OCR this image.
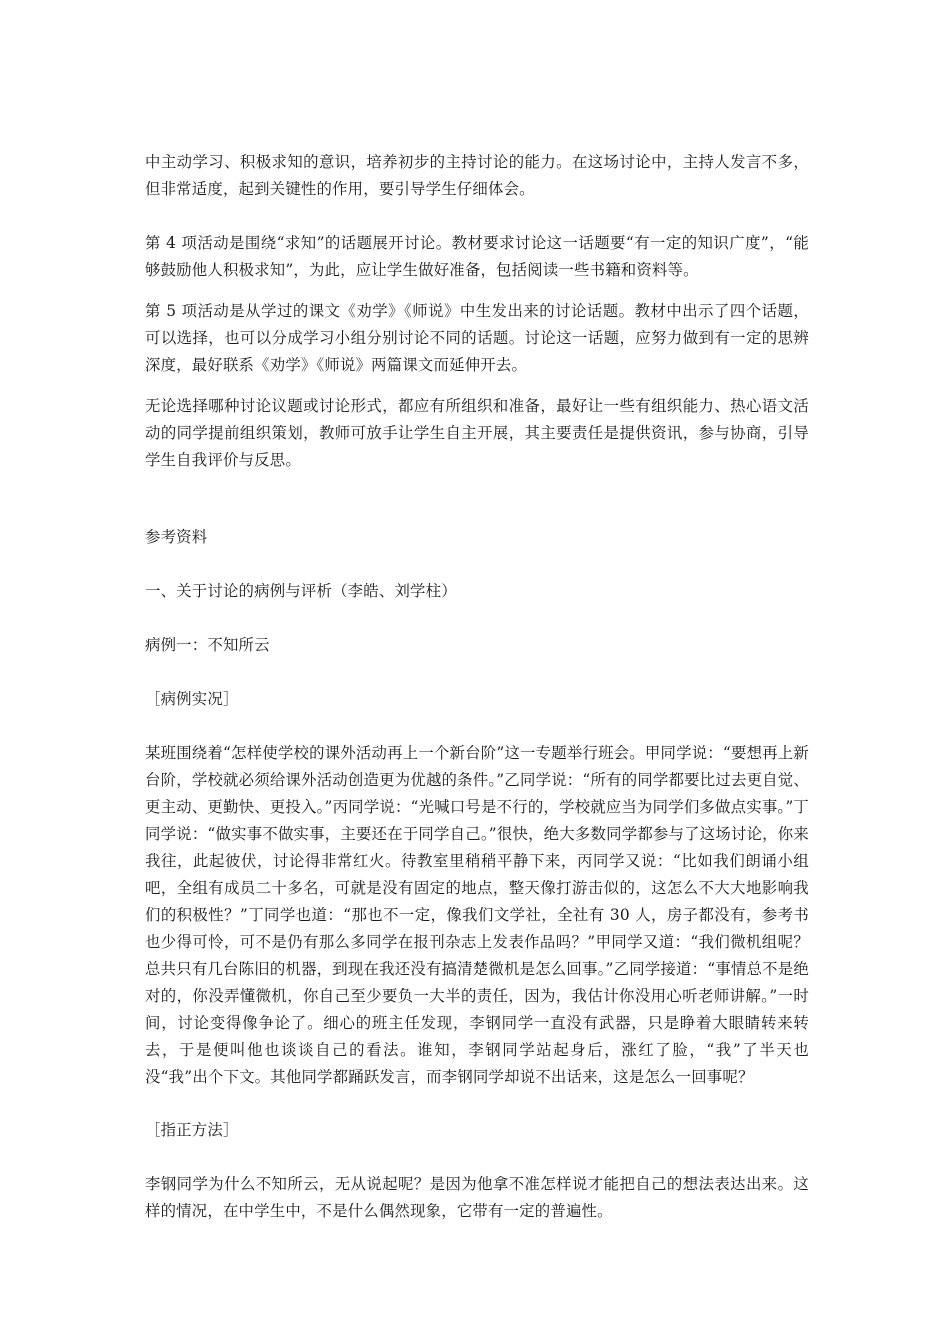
中主动学习、积极求知的意识，培养初步的主持讨论的能力。在这场讨论中，主持人发言不多，但非常适度，起到关键性的作用，要引导学生仔细体会。

第 4 项活动是围绕“求知”的话题展开讨论。教材要求讨论这一话题要“有一定的知识广度”，“能够鼓励他人积极求知”，为此，应让学生做好准备，包括阅读一些书籍和资料等。

第 5 项活动是从学过的课文《劝学》《师说》中生发出来的讨论话题。教材中出示了四个话题，可以选择，也可以分成学习小组分别讨论不同的话题。讨论这一话题，应努力做到有一定的思辨深度，最好联系《劝学》《师说》两篇课文而延伸开去。

无论选择哪种讨论议题或讨论形式，都应有所组织和准备，最好让一些有组织能力、热心语文活动的同学提前组织策划，教师可放手让学生自主开展，其主要责任是提供资讯，参与协商，引导学生自我评价与反思。

参考资料

一、关于讨论的病例与评析（李皓、刘学柱）

病例一：不知所云

［病例实况］

某班围绕着“怎样使学校的课外活动再上一个新台阶”这一专题举行班会。甲同学说：“要想再上新台阶，学校就必须给课外活动创造更为优越的条件。”乙同学说：“所有的同学都要比过去更自觉、更主动、更勤快、更投入。”丙同学说：“光喊口号是不行的，学校就应当为同学们多做点实事。”丁同学说：“做实事不做实事，主要还在于同学自己。”很快，绝大多数同学都参与了这场讨论，你来我往，此起彼伏，讨论得非常红火。待教室里稍稍平静下来，丙同学又说：“比如我们朗诵小组吧，全组有成员二十多名，可就是没有固定的地点，整天像打游击似的，这怎么不大大地影响我们的积极性？”丁同学也道：“那也不一定，像我们文学社，全社有 30 人，房子都没有，参考书也少得可怜，可不是仍有那么多同学在报刊杂志上发表作品吗？”甲同学又道：“我们微机组呢？总共只有几台陈旧的机器，到现在我还没有搞清楚微机是怎么回事。”乙同学接道：“事情总不是绝对的，你没弄懂微机，你自己至少要负一大半的责任，因为，我估计你没用心听老师讲解。”一时间，讨论变得像争论了。细心的班主任发现，李钢同学一直没有武器，只是睁着大眼睛转来转去，于是便叫他也谈谈自己的看法。谁知，李钢同学站起身后，涨红了脸，“我”了半天也没“我”出个下文。其他同学都踊跃发言，而李钢同学却说不出话来，这是怎么一回事呢？

［指正方法］

李钢同学为什么不知所云，无从说起呢？是因为他拿不准怎样说才能把自己的想法表达出来。这样的情况，在中学生中，不是什么偶然现象，它带有一定的普遍性。
